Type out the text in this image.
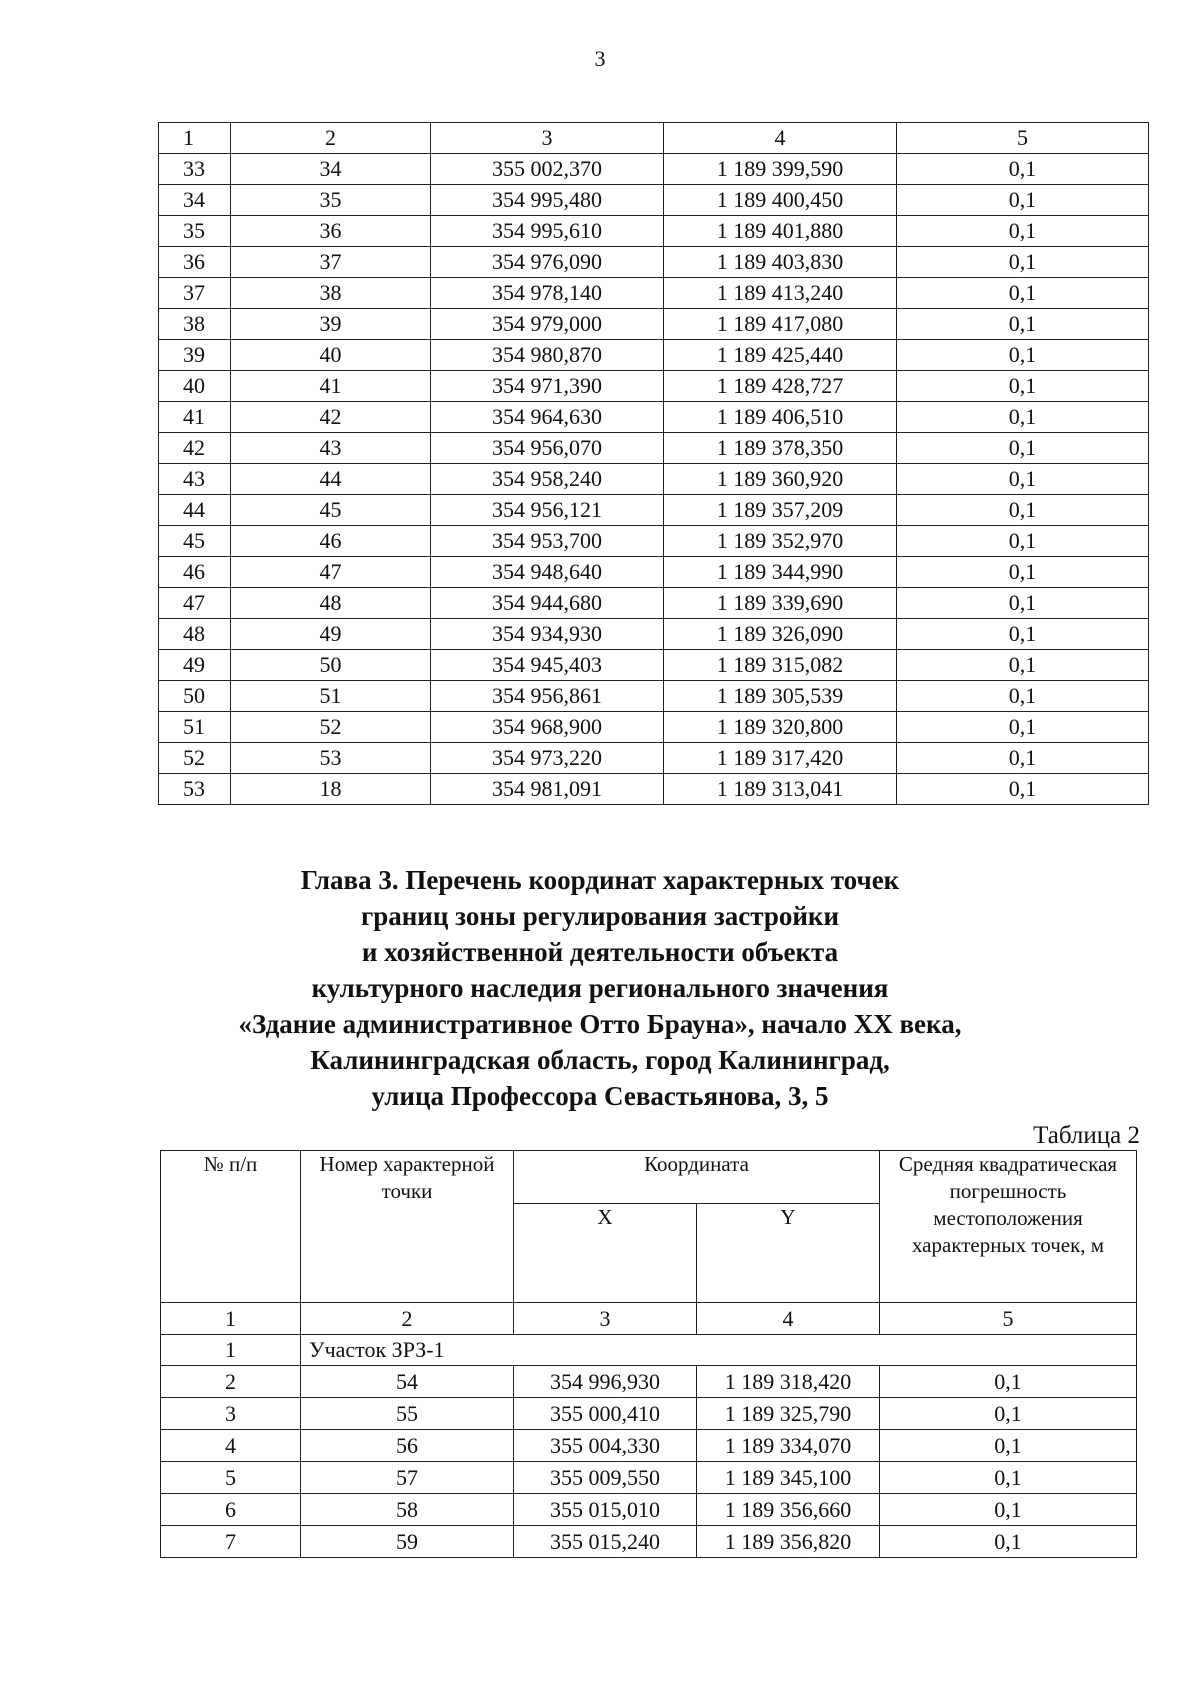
3
1	2	3	4	5
33	34	355 002,370	1 189 399,590	0,1
34	35	354 995,480	1 189 400,450	0,1
35	36	354 995,610	1 189 401,880	0,1
36	37	354 976,090	1 189 403,830	0,1
37	38	354 978,140	1 189 413,240	0,1
38	39	354 979,000	1 189 417,080	0,1
39	40	354 980,870	1 189 425,440	0,1
40	41	354 971,390	1 189 428,727	0,1
41	42	354 964,630	1 189 406,510	0,1
42	43	354 956,070	1 189 378,350	0,1
43	44	354 958,240	1 189 360,920	0,1
44	45	354 956,121	1 189 357,209	0,1
45	46	354 953,700	1 189 352,970	0,1
46	47	354 948,640	1 189 344,990	0,1
47	48	354 944,680	1 189 339,690	0,1
48	49	354 934,930	1 189 326,090	0,1
49	50	354 945,403	1 189 315,082	0,1
50	51	354 956,861	1 189 305,539	0,1
51	52	354 968,900	1 189 320,800	0,1
52	53	354 973,220	1 189 317,420	0,1
53	18	354 981,091	1 189 313,041	0,1
Глава 3. Перечень координат характерных точек
границ зоны регулирования застройки
и хозяйственной деятельности объекта
культурного наследия регионального значения
«Здание административное Отто Брауна», начало XX века,
Калининградская область, город Калининград,
улица Профессора Севастьянова, 3, 5
Таблица 2
№ п/п	Номер характерной точки	Координата		Средняя квадратическая погрешность местоположения характерных точек, м
		X	Y	
1	2	3	4	5
1	Участок ЗРЗ-1			
2	54	354 996,930	1 189 318,420	0,1
3	55	355 000,410	1 189 325,790	0,1
4	56	355 004,330	1 189 334,070	0,1
5	57	355 009,550	1 189 345,100	0,1
6	58	355 015,010	1 189 356,660	0,1
7	59	355 015,240	1 189 356,820	0,1
